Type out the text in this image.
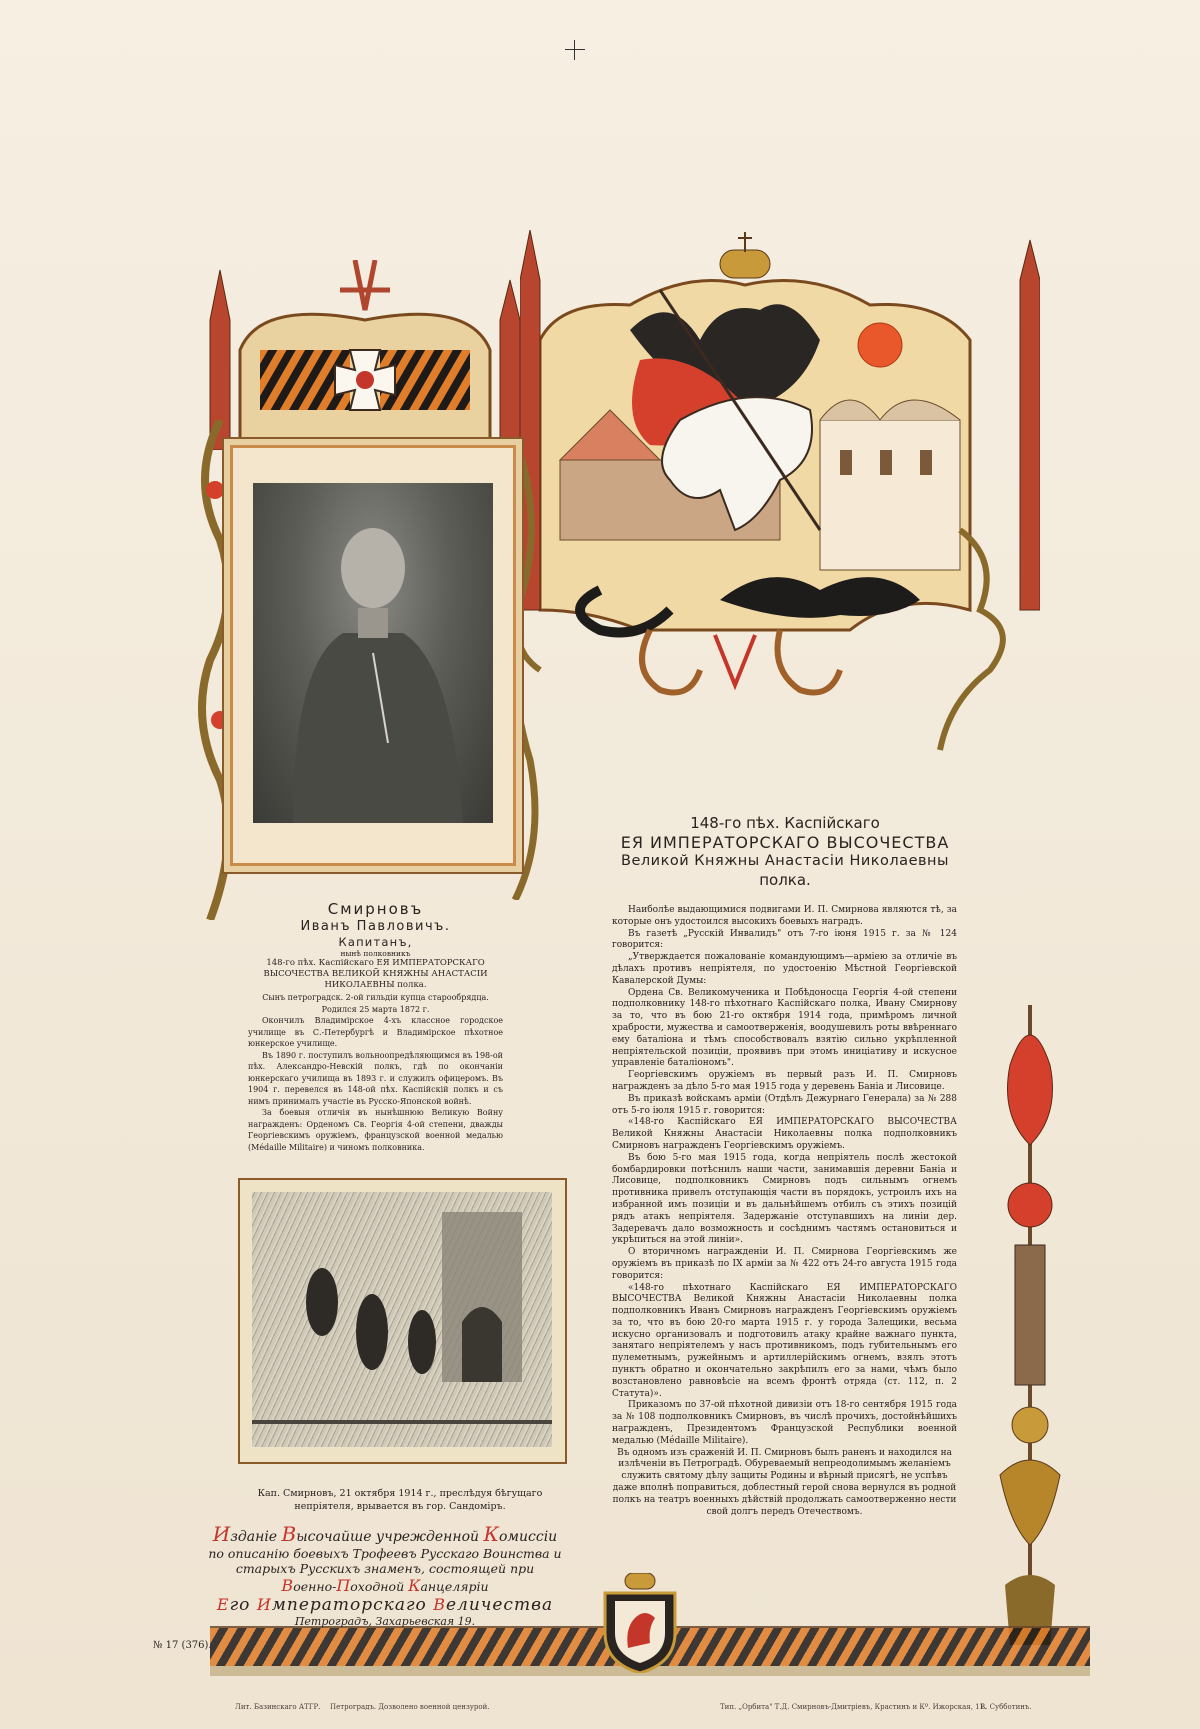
Смирновъ

Иванъ Павловичъ.

Капитанъ,

нынѣ полковникъ

148-го пѣх. Каспійскаго ЕЯ ИМПЕРАТОРСКАГО ВЫСОЧЕСТВА ВЕЛИКОЙ КНЯЖНЫ АНАСТАСІИ НИКОЛАЕВНЫ полка.

Сынъ петроградск. 2-ой гильдіи купца старообрядца.

Родился 25 марта 1872 г.

Окончилъ Владимірское 4-хъ классное городское училище въ С.-Петербургѣ и Владимірское пѣхотное юнкерское училище.

Въ 1890 г. поступилъ вольноопредѣляющимся въ 198-ой пѣх. Александро-Невскій полкъ, гдѣ по окончаніи юнкерскаго училища въ 1893 г. и служилъ офицеромъ. Въ 1904 г. перевелся въ 148-ой пѣх. Каспійскій полкъ и съ нимъ принималъ участіе въ Русско-Японской войнѣ.

За боевыя отличія въ нынѣшнюю Великую Войну награжденъ: Орденомъ Св. Георгія 4-ой степени, дважды Георгіевскимъ оружіемъ, французской военной медалью (Médaille Militaire) и чиномъ полковника.

Кап. Смирновъ, 21 октября 1914 г., преслѣдуя бѣгущаго непріятеля, врывается въ гор. Сандоміръ.

148-го пѣх. Каспійскаго

ЕЯ ИМПЕРАТОРСКАГО ВЫСОЧЕСТВА

Великой Княжны Анастасіи Николаевны

полка.

Наиболѣе выдающимися подвигами И. П. Смирнова являются тѣ, за которые онъ удостоился высокихъ боевыхъ наградъ.

Въ газетѣ „Русскій Инвалидъ" отъ 7-го іюня 1915 г. за № 124 говорится:

„Утверждается пожалованіе командующимъ—арміею за отличіе въ дѣлахъ противъ непріятеля, по удостоенію Мѣстной Георгіевской Кавалерской Думы:

Ордена Св. Великомученика и Побѣдоносца Георгія 4-ой степени подполковнику 148-го пѣхотнаго Каспійскаго полка, Ивану Смирнову за то, что въ бою 21-го октября 1914 года, примѣромъ личной храбрости, мужества и самоотверженія, воодушевилъ роты ввѣреннаго ему баталіона и тѣмъ способствовалъ взятію сильно укрѣпленной непріятельской позиціи, проявивъ при этомъ иниціативу и искусное управленіе баталіономъ".

Георгіевскимъ оружіемъ въ первый разъ И. П. Смирновъ награжденъ за дѣло 5-го мая 1915 года у деревень Баніа и Лисовице.

Въ приказѣ войскамъ арміи (Отдѣлъ Дежурнаго Генерала) за № 288 отъ 5-го іюля 1915 г. говорится:

«148-го Каспійскаго ЕЯ ИМПЕРАТОРСКАГО ВЫСОЧЕСТВА Великой Княжны Анастасіи Николаевны полка подполковникъ Смирновъ награжденъ Георгіевскимъ оружіемъ.

Въ бою 5-го мая 1915 года, когда непріятель послѣ жестокой бомбардировки потѣснилъ наши части, занимавшія деревни Баніа и Лисовице, подполковникъ Смирновъ подъ сильнымъ огнемъ противника привелъ отступающія части въ порядокъ, устроилъ ихъ на избранной имъ позиціи и въ дальнѣйшемъ отбилъ съ этихъ позицій рядъ атакъ непріятеля. Задержаніе отступавшихъ на линіи дер. Задеревачъ дало возможность и сосѣднимъ частямъ остановиться и укрѣпиться на этой линіи».

О вторичномъ награжденіи И. П. Смирнова Георгіевскимъ же оружіемъ въ приказѣ по IX арміи за № 422 отъ 24-го августа 1915 года говорится:

«148-го пѣхотнаго Каспійскаго ЕЯ ИМПЕРАТОРСКАГО ВЫСОЧЕСТВА Великой Княжны Анастасіи Николаевны полка подполковникъ Иванъ Смирновъ награжденъ Георгіевскимъ оружіемъ за то, что въ бою 20-го марта 1915 г. у города Залещики, весьма искусно организовалъ и подготовилъ атаку крайне важнаго пункта, занятаго непріятелемъ у насъ противникомъ, подъ губительнымъ его пулеметнымъ, ружейнымъ и артиллерійскимъ огнемъ, взялъ этотъ пунктъ обратно и окончательно закрѣпилъ его за нами, чѣмъ было возстановлено равновѣсіе на всемъ фронтѣ отряда (ст. 112, п. 2 Статута)».

Приказомъ по 37-ой пѣхотной дивизіи отъ 18-го сентября 1915 года за № 108 подполковникъ Смирновъ, въ числѣ прочихъ, достойнѣйшихъ награжденъ, Президентомъ Французской Республики военной медалью (Médaille Militaire).

Въ одномъ изъ сраженій И. П. Смирновъ былъ раненъ и находился на излѣченіи въ Петроградѣ. Обуреваемый непреодолимымъ желаніемъ служить святому дѣлу защиты Родины и вѣрный присягѣ, не успѣвъ даже вполнѣ поправиться, доблестный герой снова вернулся въ родной полкъ на театръ военныхъ дѣйствій продолжать самоотверженно нести свой долгъ передъ Отечествомъ.

Изданіе Высочайше учрежденной Комиссіи
по описанію боевыхъ Трофеевъ Русскаго Воинства и старыхъ Русскихъ знаменъ, состоящей при
Военно-Походной Канцеляріи
Его Императорскаго Величества
Петроградъ, Захарьевская 19.
№ 17 (376).
Лит. Базинскаго АТГР. Петроградъ. Дозволено военной цензурой.	Тип. „Орбита" Т.Д. Смирновъ-Дмитріевъ, Крастинъ и Кº. Ижорская, 11.
В. Субботинъ.
